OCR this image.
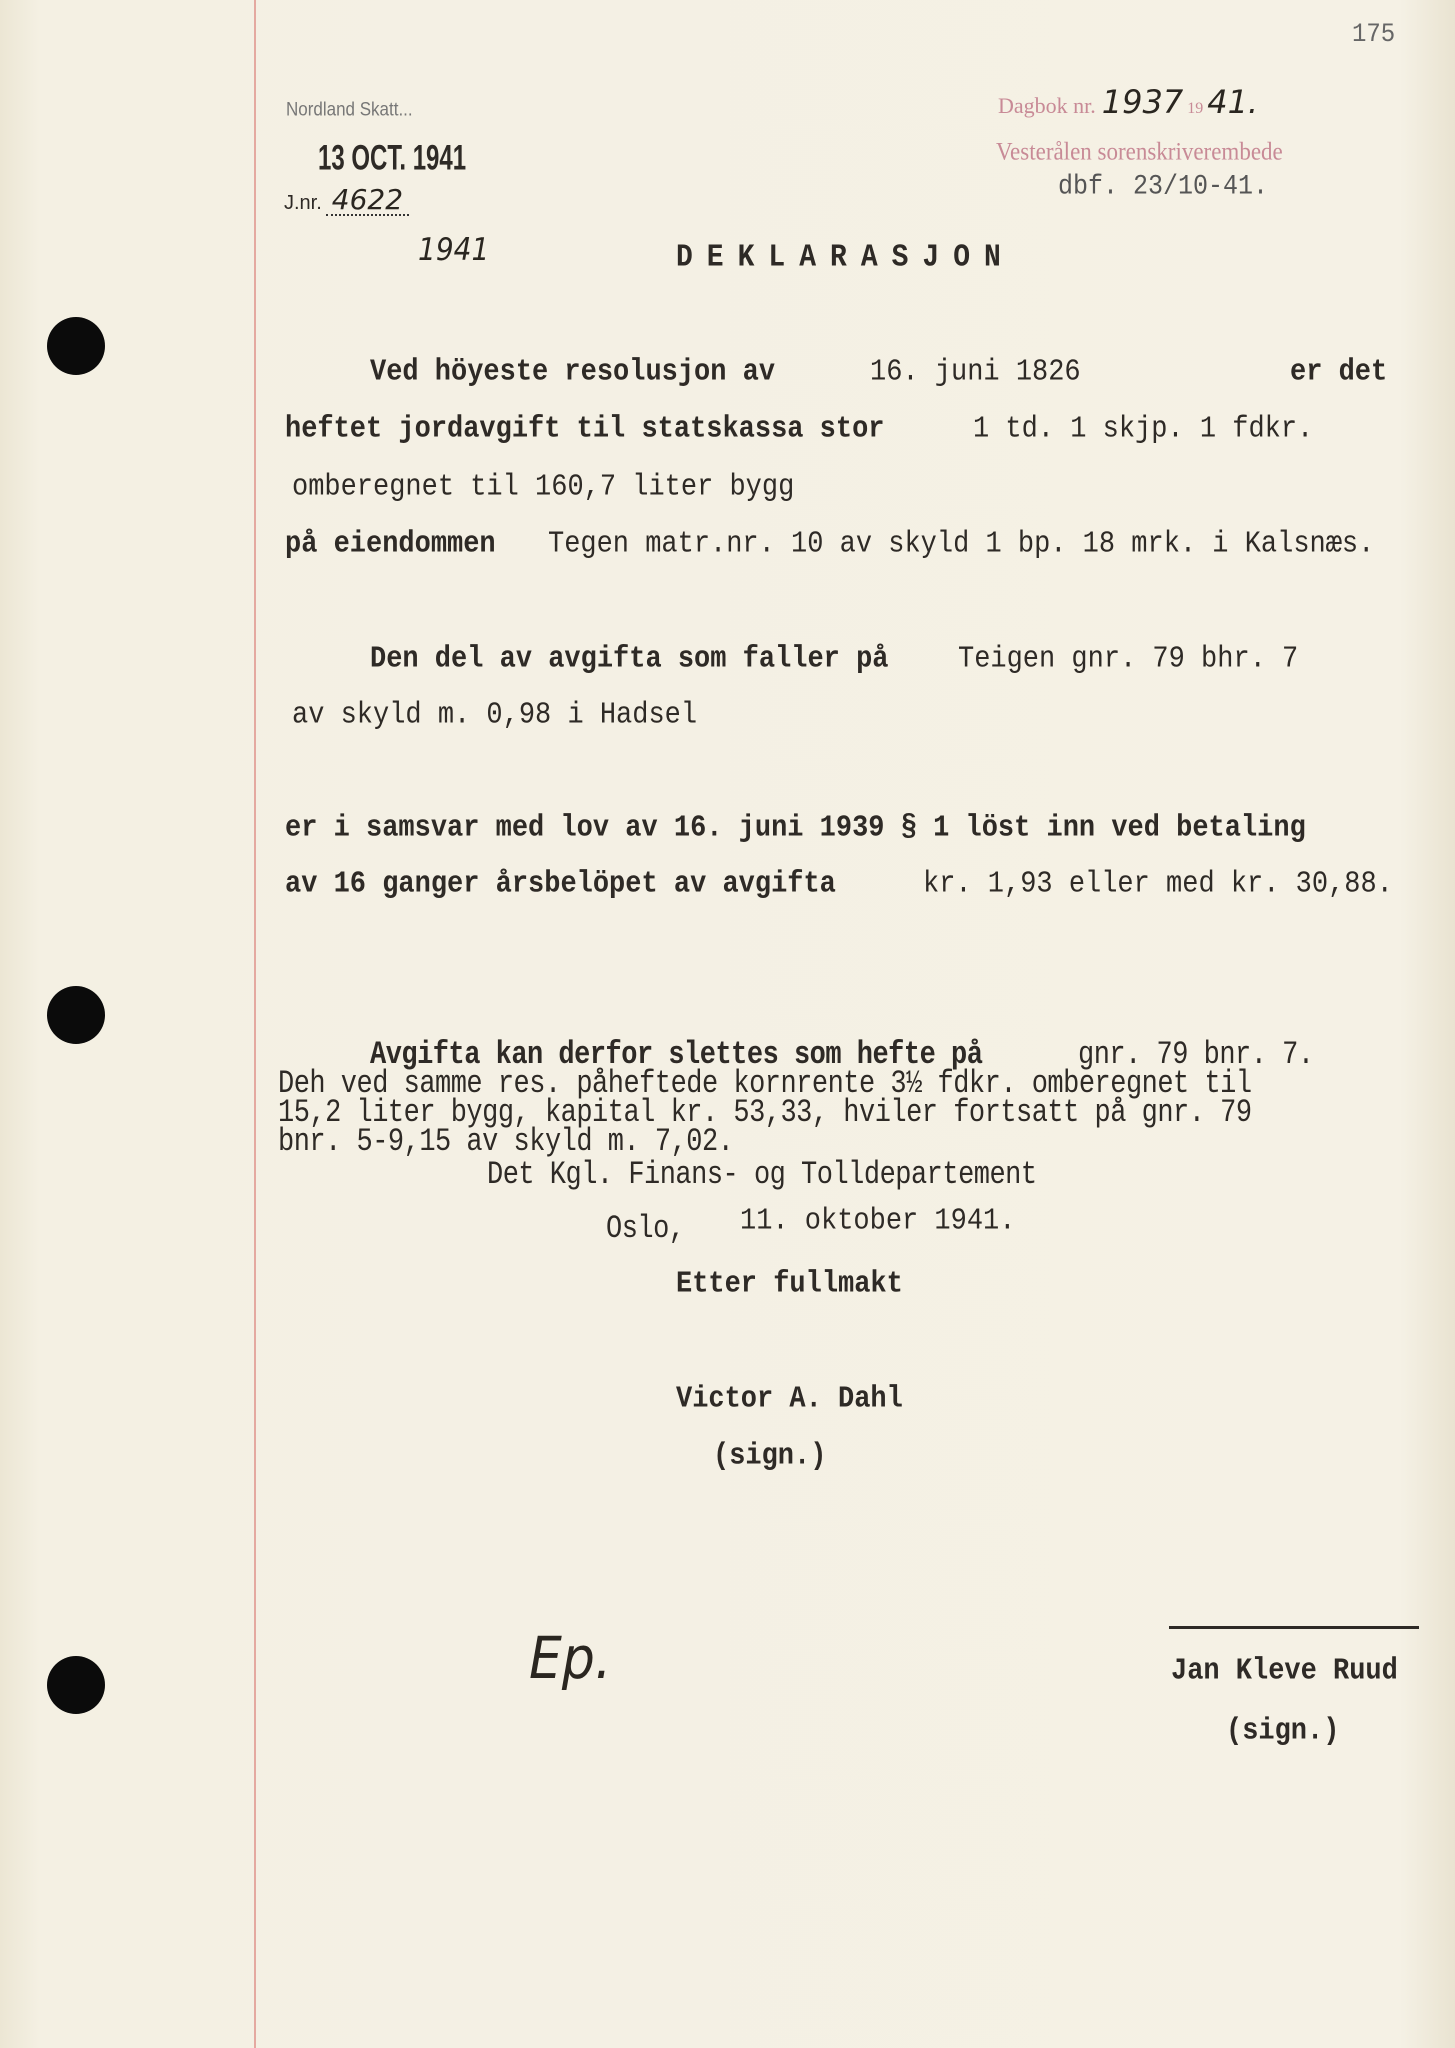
175
Nordland Skatt...
13 OCT. 1941
J.nr. 4622
1941
Dagbok nr. 1937 19 41.
Vesterålen sorenskriverembede
dbf. 23/10-41.
DEKLARASJON
Ved höyeste resolusjon av	16. juni 1826	er det
heftet jordavgift til statskassa stor	1 td. 1 skjp. 1 fdkr.
omberegnet til 160,7 liter bygg
på eiendommen Tegen matr.nr. 10 av skyld 1 bp. 18 mrk. i Kalsnæs.
Den del av avgifta som faller på	Teigen gnr. 79 bhr. 7
av skyld m. 0,98 i Hadsel
er i samsvar med lov av 16. juni 1939 § 1 löst inn ved betaling
av 16 ganger årsbelöpet av avgifta	kr. 1,93 eller med kr. 30,88.
Avgifta kan derfor slettes som hefte på	gnr. 79 bnr. 7.
Deh ved samme res. påheftede kornrente 3½ fdkr. omberegnet til
15,2 liter bygg, kapital kr. 53,33, hviler fortsatt på gnr. 79
bnr. 5-9,15 av skyld m. 7,02.
Det Kgl. Finans- og Tolldepartement
Oslo, 11. oktober 1941.
Etter fullmakt
Victor A. Dahl
(sign.)
Ep.	Jan Kleve Ruud
(sign.)
